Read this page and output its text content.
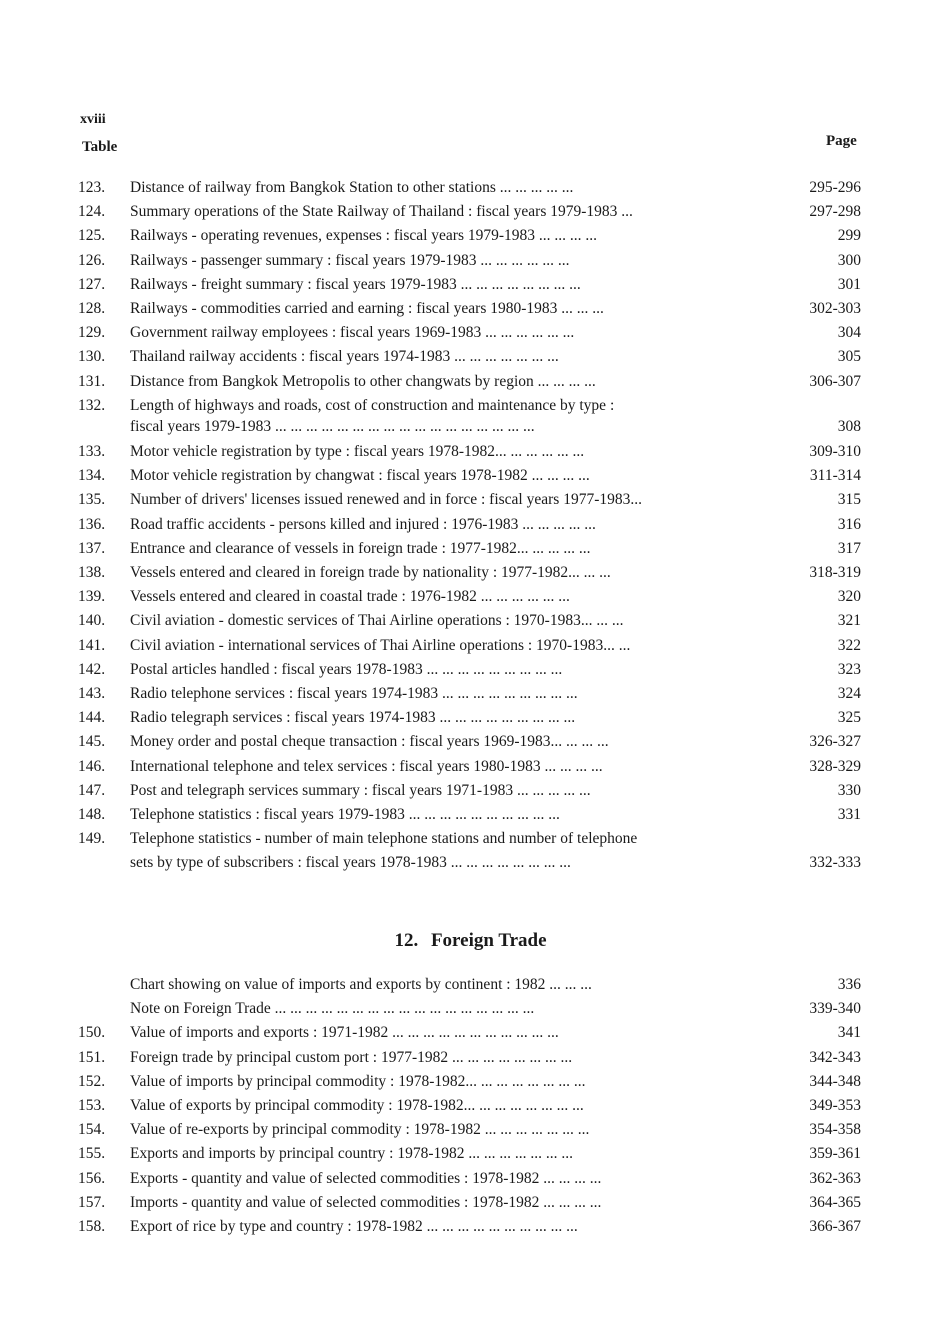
xviii
Table	Page
123.	Distance of railway from Bangkok Station to other stations ... ... ... ... ...	295-296
124.	Summary operations of the State Railway of Thailand : fiscal years 1979-1983 ...	297-298
125.	Railways - operating revenues, expenses : fiscal years 1979-1983 ... ... ... ...	299
126.	Railways - passenger summary : fiscal years 1979-1983 ... ... ... ... ... ...	300
127.	Railways - freight summary : fiscal years 1979-1983 ... ... ... ... ... ... ... ...	301
128.	Railways - commodities carried and earning : fiscal years 1980-1983 ... ... ...	302-303
129.	Government railway employees : fiscal years 1969-1983 ... ... ... ... ... ...	304
130.	Thailand railway accidents : fiscal years 1974-1983 ... ... ... ... ... ... ...	305
131.	Distance from Bangkok Metropolis to other changwats by region ... ... ... ...	306-307
132.	Length of highways and roads, cost of construction and maintenance by type :
fiscal years 1979-1983 ... ... ... ... ... ... ... ... ... ... ... ... ... ... ... ... ...	308
133.	Motor vehicle registration by type : fiscal years 1978-1982... ... ... ... ... ...	309-310
134.	Motor vehicle registration by changwat : fiscal years 1978-1982 ... ... ... ...	311-314
135.	Number of drivers' licenses issued renewed and in force : fiscal years 1977-1983...	315
136.	Road traffic accidents - persons killed and injured : 1976-1983 ... ... ... ... ...	316
137.	Entrance and clearance of vessels in foreign trade : 1977-1982... ... ... ... ...	317
138.	Vessels entered and cleared in foreign trade by nationality : 1977-1982... ... ...	318-319
139.	Vessels entered and cleared in coastal trade : 1976-1982 ... ... ... ... ... ...	320
140.	Civil aviation - domestic services of Thai Airline operations : 1970-1983... ... ...	321
141.	Civil aviation - international services of Thai Airline operations : 1970-1983... ...	322
142.	Postal articles handled : fiscal years 1978-1983 ... ... ... ... ... ... ... ... ...	323
143.	Radio telephone services : fiscal years 1974-1983 ... ... ... ... ... ... ... ... ...	324
144.	Radio telegraph services : fiscal years 1974-1983 ... ... ... ... ... ... ... ... ...	325
145.	Money order and postal cheque transaction : fiscal years 1969-1983... ... ... ...	326-327
146.	International telephone and telex services : fiscal years 1980-1983 ... ... ... ...	328-329
147.	Post and telegraph services summary : fiscal years 1971-1983 ... ... ... ... ...	330
148.	Telephone statistics : fiscal years 1979-1983 ... ... ... ... ... ... ... ... ... ...	331
149.	Telephone statistics - number of main telephone stations and number of telephone
sets by type of subscribers : fiscal years 1978-1983 ... ... ... ... ... ... ... ...	332-333
12. Foreign Trade
Chart showing on value of imports and exports by continent : 1982 ... ... ...	336
Note on Foreign Trade ... ... ... ... ... ... ... ... ... ... ... ... ... ... ... ... ...	339-340
150.	Value of imports and exports : 1971-1982 ... ... ... ... ... ... ... ... ... ... ...	341
151.	Foreign trade by principal custom port : 1977-1982 ... ... ... ... ... ... ... ...	342-343
152.	Value of imports by principal commodity : 1978-1982... ... ... ... ... ... ... ...	344-348
153.	Value of exports by principal commodity : 1978-1982... ... ... ... ... ... ... ...	349-353
154.	Value of re-exports by principal commodity : 1978-1982 ... ... ... ... ... ... ...	354-358
155.	Exports and imports by principal country : 1978-1982 ... ... ... ... ... ... ...	359-361
156.	Exports - quantity and value of selected commodities : 1978-1982 ... ... ... ...	362-363
157.	Imports - quantity and value of selected commodities : 1978-1982 ... ... ... ...	364-365
158.	Export of rice by type and country : 1978-1982 ... ... ... ... ... ... ... ... ... ...	366-367
